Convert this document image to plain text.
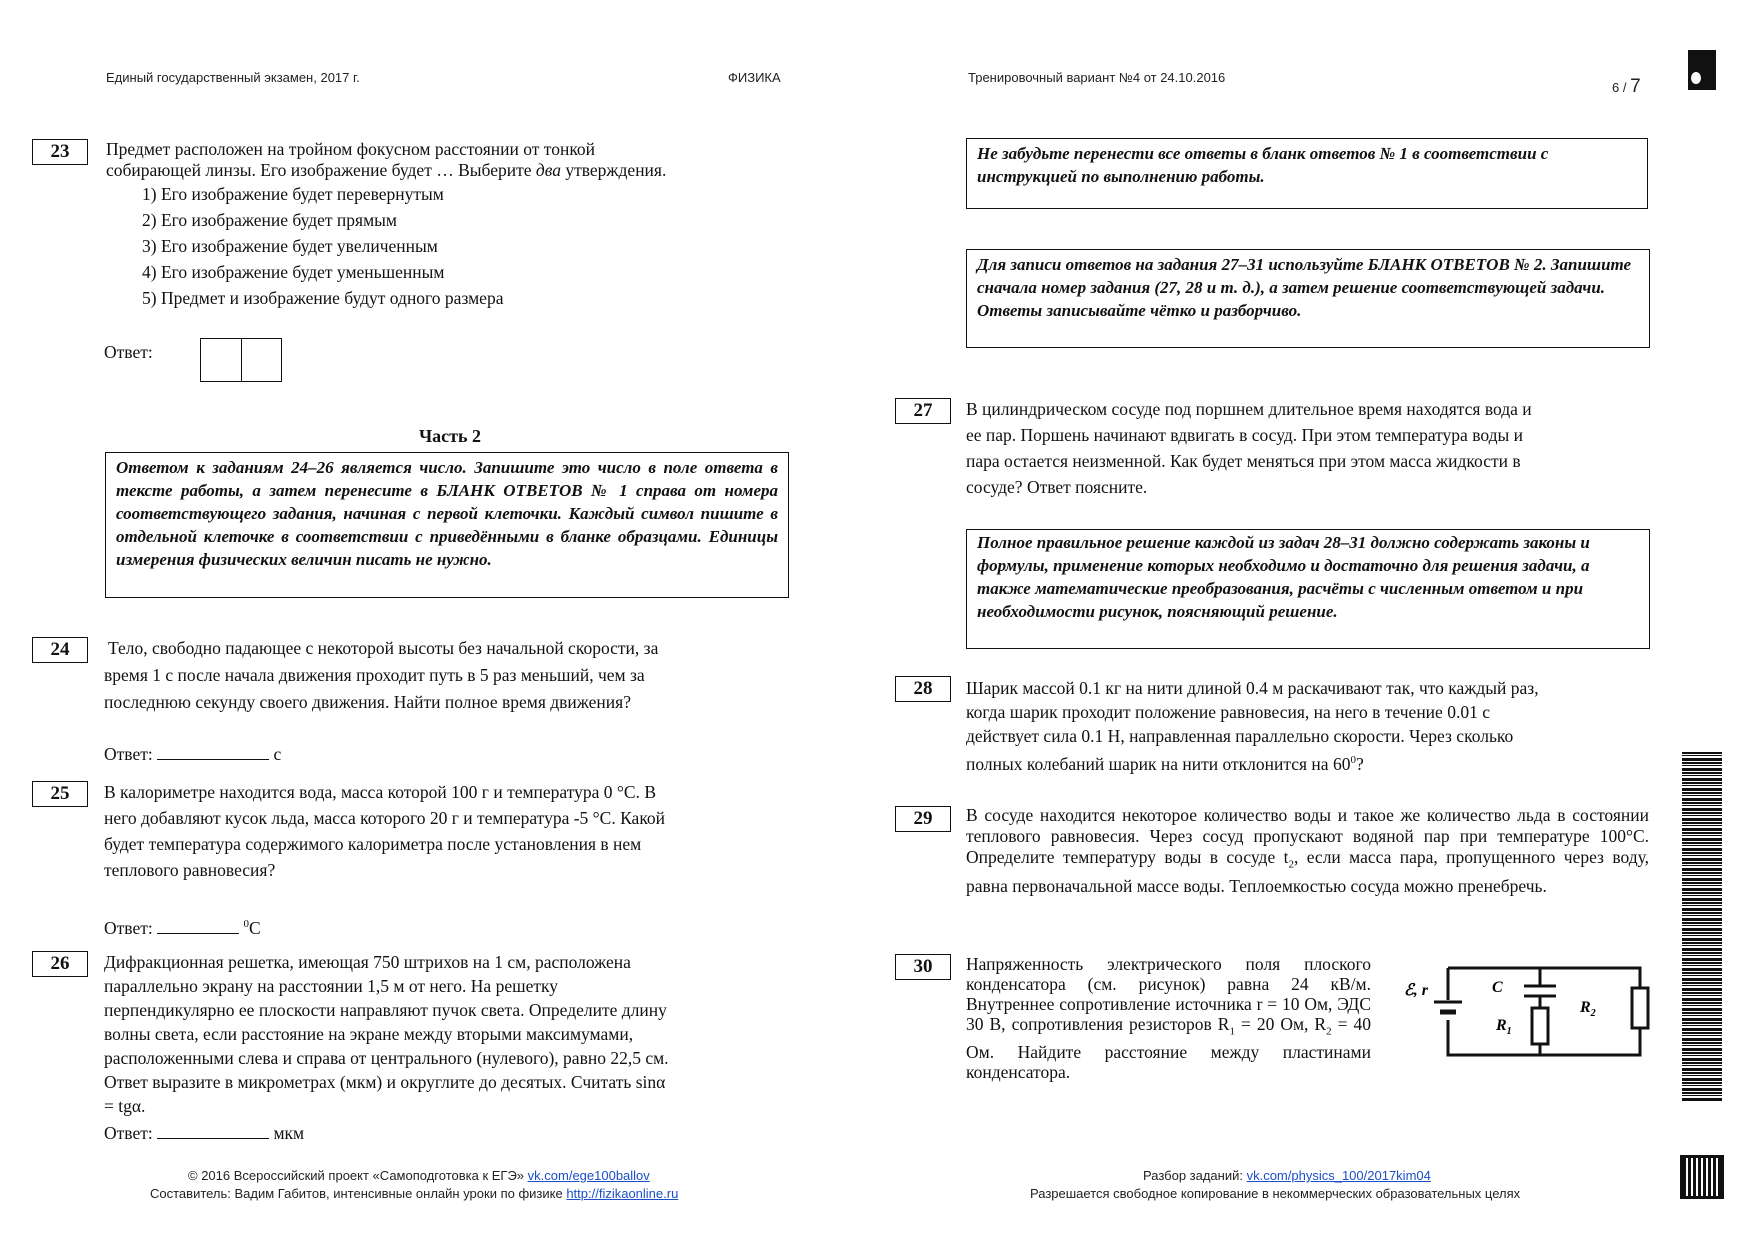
Единый государственный экзамен, 2017 г.	ФИЗИКА	Тренировочный вариант №4 от 24.10.2016
6 / 7
23	Предмет расположен на тройном фокусном расстоянии от тонкой
собирающей линзы. Его изображение будет … Выберите два утверждения.
1) Его изображение будет перевернутым
2) Его изображение будет прямым
3) Его изображение будет увеличенным
4) Его изображение будет уменьшенным
5) Предмет и изображение будут одного размера
Ответ:
Часть 2
Ответом к заданиям 24–26 является число. Запишите это число в поле ответа в тексте работы, а затем перенесите в БЛАНК ОТВЕТОВ № 1 справа от номера соответствующего задания, начиная с первой клеточки. Каждый символ пишите в отдельной клеточке в соответствии с приведёнными в бланке образцами. Единицы измерения физических величин писать не нужно.
24	Тело, свободно падающее с некоторой высоты без начальной скорости, за
время 1 с после начала движения проходит путь в 5 раз меньший, чем за
последнюю секунду своего движения. Найти полное время движения?
Ответ:	с
25	В калориметре находится вода, масса которой 100 г и температура 0 °С. В
него добавляют кусок льда, масса которого 20 г и температура -5 °С. Какой
будет температура содержимого калориметра после установления в нем
теплового равновесия?
Ответ:	$^0$С
26	Дифракционная решетка, имеющая 750 штрихов на 1 см, расположена
параллельно экрану на расстоянии 1,5 м от него. На решетку
перпендикулярно ее плоскости направляют пучок света. Определите длину
волны света, если расстояние на экране между вторыми максимумами,
расположенными слева и справа от центрального (нулевого), равно 22,5 см.
Ответ выразите в микрометрах (мкм) и округлите до десятых. Считать sinα
= tgα.
Ответ:	мкм
Не забудьте перенести все ответы в бланк ответов № 1 в соответствии с инструкцией по выполнению работы.
Для записи ответов на задания 27–31 используйте БЛАНК ОТВЕТОВ № 2. Запишите сначала номер задания (27, 28 и т. д.), а затем решение соответствующей задачи. Ответы записывайте чётко и разборчиво.
27	В цилиндрическом сосуде под поршнем длительное время находятся вода и
ее пар. Поршень начинают вдвигать в сосуд. При этом температура воды и
пара остается неизменной. Как будет меняться при этом масса жидкости в
сосуде? Ответ поясните.
Полное правильное решение каждой из задач 28–31 должно содержать законы и формулы, применение которых необходимо и достаточно для решения задачи, а также математические преобразования, расчёты с численным ответом и при необходимости рисунок, поясняющий решение.
28	Шарик массой 0.1 кг на нити длиной 0.4 м раскачивают так, что каждый раз,
когда шарик проходит положение равновесия, на него в течение 0.01 с
действует сила 0.1 Н, направленная параллельно скорости. Через сколько
полных колебаний шарик на нити отклонится на $60^0$?
29	В сосуде находится некоторое количество воды и такое же количество льда в состоянии теплового равновесия. Через сосуд пропускают водяной пар при температуре 100°С. Определите температуру воды в сосуде $t_2$, если масса пара, пропущенного через воду, равна первоначальной массе воды. Теплоемкостью сосуда можно пренебречь.
30	Напряженность электрического поля плоского конденсатора (см. рисунок) равна 24 кВ/м. Внутреннее сопротивление источника r = 10 Ом, ЭДС 30 В, сопротивления резисторов $R_1 = 20$ Ом, $R_2 = 40$ Ом. Найдите расстояние между пластинами конденсатора.
ℰ, r	C
$R_1$
$R_2$
© 2016 Всероссийский проект «Самоподготовка к ЕГЭ» vk.com/ege100ballov
Составитель: Вадим Габитов, интенсивные онлайн уроки по физике http://fizikaonline.ru
Разбор заданий: vk.com/physics_100/2017kim04
Разрешается свободное копирование в некоммерческих образовательных целях
